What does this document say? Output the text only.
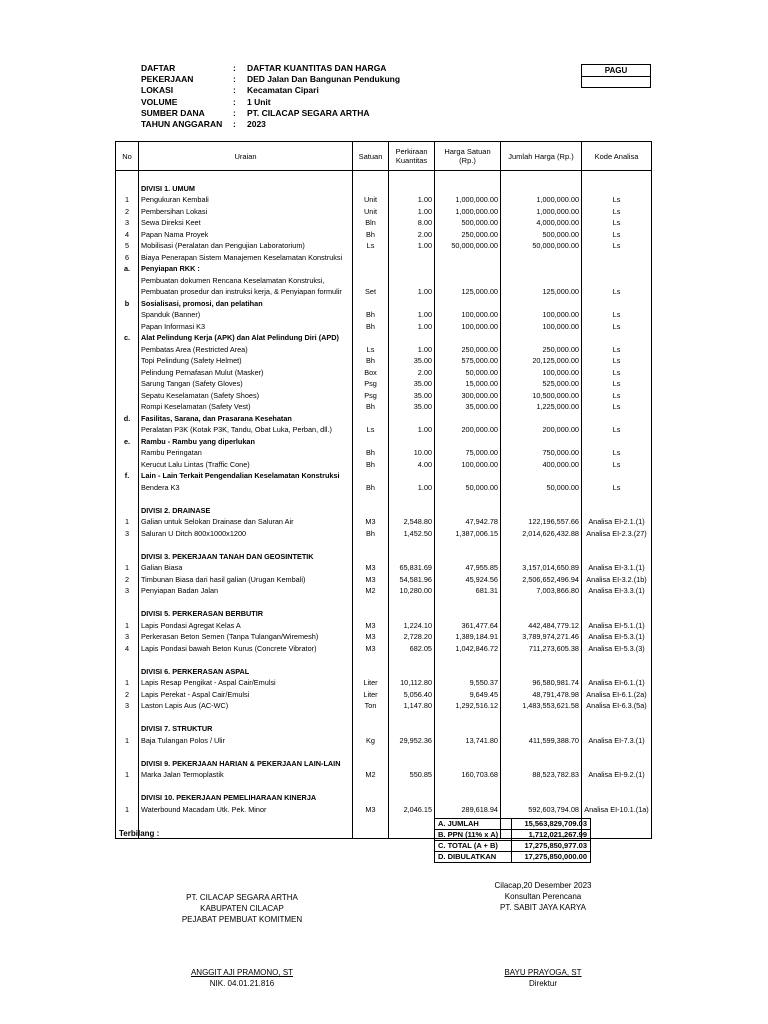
DAFTAR	: DAFTAR KUANTITAS DAN HARGA
PEKERJAAN	: DED Jalan Dan Bangunan Pendukung
LOKASI	: Kecamatan Cipari
VOLUME	: 1 Unit
SUMBER DANA	: PT. CILACAP SEGARA ARTHA
TAHUN ANGGARAN : 2023
PAGU
No	Uraian	Satuan	Perkiraan Kuantitas	Harga Satuan (Rp.)	Jumlah Harga (Rp.)	Kode Analisa

	DIVISI 1. UMUM					
1	Pengukuran Kembali	Unit	1.00	1,000,000.00	1,000,000.00	Ls
2	Pembersihan Lokasi	Unit	1.00	1,000,000.00	1,000,000.00	Ls
3	Sewa Direksi Keet	Bln	8.00	500,000.00	4,000,000.00	Ls
4	Papan Nama Proyek	Bh	2.00	250,000.00	500,000.00	Ls
5	Mobilisasi (Peralatan dan Pengujian Laboratorium)	Ls	1.00	50,000,000.00	50,000,000.00	Ls
6	Biaya Penerapan Sistem Manajemen Keselamatan Konstruksi					
a.	Penyiapan RKK :					
	Pembuatan dokumen Rencana Keselamatan Konstruksi,					
	Pembuatan prosedur dan instruksi kerja, & Penyiapan formulir	Set	1.00	125,000.00	125,000.00	Ls
b	Sosialisasi, promosi, dan pelatihan					
	Spanduk (Banner)	Bh	1.00	100,000.00	100,000.00	Ls
	Papan Informasi K3	Bh	1.00	100,000.00	100,000.00	Ls
c.	Alat Pelindung Kerja (APK) dan Alat Pelindung Diri (APD)					
	Pembatas Area (Restricted Area)	Ls	1.00	250,000.00	250,000.00	Ls
	Topi Pelindung (Safety Helmet)	Bh	35.00	575,000.00	20,125,000.00	Ls
	Pelindung Pernafasan Mulut (Masker)	Box	2.00	50,000.00	100,000.00	Ls
	Sarung Tangan (Safety Gloves)	Psg	35.00	15,000.00	525,000.00	Ls
	Sepatu Keselamatan (Safety Shoes)	Psg	35.00	300,000.00	10,500,000.00	Ls
	Rompi Keselamatan (Safety Vest)	Bh	35.00	35,000.00	1,225,000.00	Ls
d.	Fasilitas, Sarana, dan Prasarana Kesehatan					
	Peralatan P3K (Kotak P3K, Tandu, Obat Luka, Perban, dll.)	Ls	1.00	200,000.00	200,000.00	Ls
e.	Rambu - Rambu yang diperlukan					
	Rambu Peringatan	Bh	10.00	75,000.00	750,000.00	Ls
	Kerucut Lalu Lintas (Traffic Cone)	Bh	4.00	100,000.00	400,000.00	Ls
f.	Lain - Lain Terkait Pengendalian Keselamatan Konstruksi					
	Bendera K3	Bh	1.00	50,000.00	50,000.00	Ls

	DIVISI 2. DRAINASE					
1	Galian untuk Selokan Drainase dan Saluran Air	M3	2,548.80	47,942.78	122,196,557.66	Analisa EI-2.1.(1)
3	Saluran U Ditch 800x1000x1200	Bh	1,452.50	1,387,006.15	2,014,626,432.88	Analisa EI-2.3.(27)

	DIVISI 3. PEKERJAAN TANAH DAN GEOSINTETIK					
1	Galian Biasa	M3	65,831.69	47,955.85	3,157,014,650.89	Analisa EI-3.1.(1)
2	Timbunan Biasa dari hasil galian (Urugan Kembali)	M3	54,581.96	45,924.56	2,506,652,496.94	Analisa EI-3.2.(1b)
3	Penyiapan Badan Jalan	M2	10,280.00	681.31	7,003,866.80	Analisa EI-3.3.(1)

	DIVISI 5. PERKERASAN BERBUTIR					
1	Lapis Pondasi Agregat Kelas A	M3	1,224.10	361,477.64	442,484,779.12	Analisa EI-5.1.(1)
3	Perkerasan Beton Semen (Tanpa Tulangan/Wiremesh)	M3	2,728.20	1,389,184.91	3,789,974,271.46	Analisa EI-5.3.(1)
4	Lapis Pondasi bawah Beton Kurus (Concrete Vibrator)	M3	682.05	1,042,846.72	711,273,605.38	Analisa EI-5.3.(3)

	DIVISI 6. PERKERASAN ASPAL					
1	Lapis Resap Pengikat - Aspal Cair/Emulsi	Liter	10,112.80	9,550.37	96,580,981.74	Analisa EI-6.1.(1)
2	Lapis Perekat - Aspal Cair/Emulsi	Liter	5,056.40	9,649.45	48,791,478.98	Analisa EI-6.1.(2a)
3	Laston Lapis Aus (AC-WC)	Ton	1,147.80	1,292,516.12	1,483,553,621.58	Analisa EI-6.3.(5a)

	DIVISI 7. STRUKTUR					
1	Baja Tulangan Polos / Ulir	Kg	29,952.36	13,741.80	411,599,388.70	Analisa EI-7.3.(1)

	DIVISI 9. PEKERJAAN HARIAN & PEKERJAAN LAIN-LAIN					
1	Marka Jalan Termoplastik	M2	550.85	160,703.68	88,523,782.83	Analisa EI-9.2.(1)

	DIVISI 10. PEKERJAAN PEMELIHARAAN KINERJA					
1	Waterbound Macadam Utk. Pek. Minor	M3	2,046.15	289,618.94	592,603,794.08	Analisa EI-10.1.(1a)

Terbilang :
A. JUMLAH	15,563,829,709.03
B. PPN (11% x A)	1,712,021,267.99
C. TOTAL (A + B)	17,275,850,977.03
D. DIBULATKAN	17,275,850,000.00
PT. CILACAP SEGARA ARTHA
KABUPATEN CILACAP
PEJABAT PEMBUAT KOMITMEN
ANGGIT AJI PRAMONO, ST
NIK. 04.01.21.816
Cilacap,20 Desember 2023
Konsultan Perencana
PT. SABIT JAYA KARYA
BAYU PRAYOGA, ST
Direktur
